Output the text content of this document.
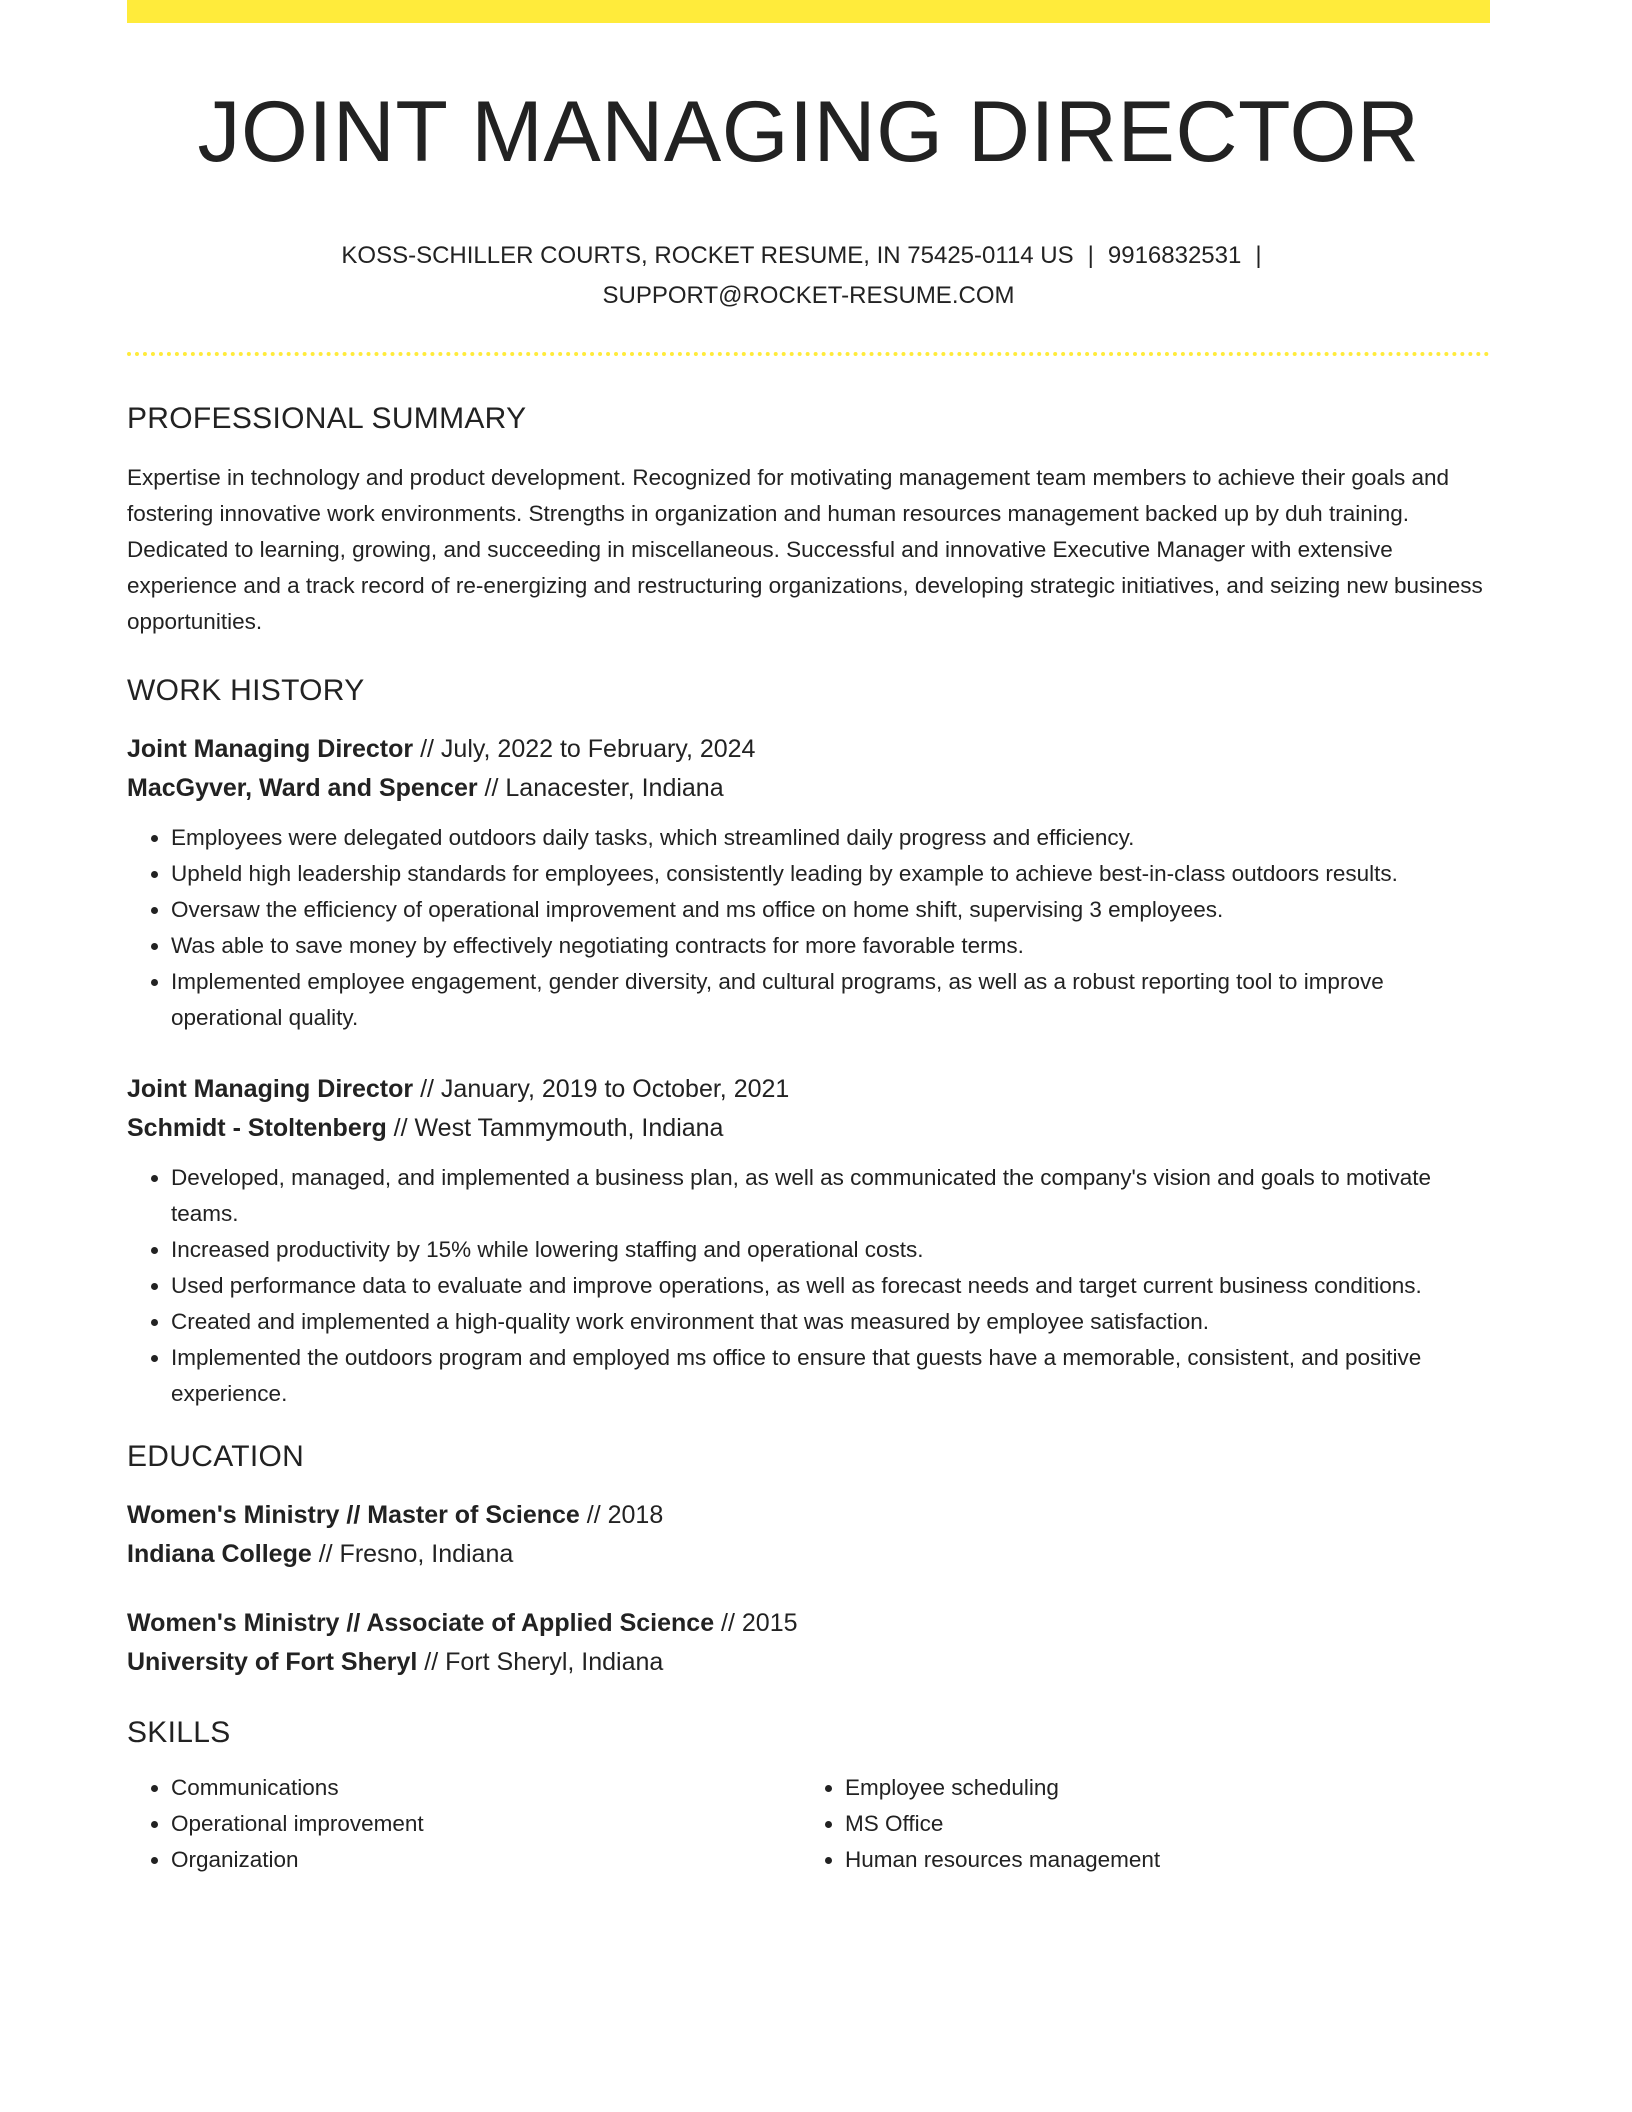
JOINT MANAGING DIRECTOR
KOSS-SCHILLER COURTS, ROCKET RESUME, IN 75425-0114 US | 9916832531 |
SUPPORT@ROCKET-RESUME.COM
PROFESSIONAL SUMMARY
Expertise in technology and product development. Recognized for motivating management team members to achieve their goals and fostering innovative work environments. Strengths in organization and human resources management backed up by duh training. Dedicated to learning, growing, and succeeding in miscellaneous. Successful and innovative Executive Manager with extensive experience and a track record of re-energizing and restructuring organizations, developing strategic initiatives, and seizing new business opportunities.
WORK HISTORY
Joint Managing Director // July, 2022 to February, 2024
MacGyver, Ward and Spencer // Lanacester, Indiana
• Employees were delegated outdoors daily tasks, which streamlined daily progress and efficiency.
• Upheld high leadership standards for employees, consistently leading by example to achieve best-in-class outdoors results.
• Oversaw the efficiency of operational improvement and ms office on home shift, supervising 3 employees.
• Was able to save money by effectively negotiating contracts for more favorable terms.
• Implemented employee engagement, gender diversity, and cultural programs, as well as a robust reporting tool to improve operational quality.
Joint Managing Director // January, 2019 to October, 2021
Schmidt - Stoltenberg // West Tammymouth, Indiana
• Developed, managed, and implemented a business plan, as well as communicated the company's vision and goals to motivate teams.
• Increased productivity by 15% while lowering staffing and operational costs.
• Used performance data to evaluate and improve operations, as well as forecast needs and target current business conditions.
• Created and implemented a high-quality work environment that was measured by employee satisfaction.
• Implemented the outdoors program and employed ms office to ensure that guests have a memorable, consistent, and positive experience.
EDUCATION
Women's Ministry // Master of Science // 2018
Indiana College // Fresno, Indiana
Women's Ministry // Associate of Applied Science // 2015
University of Fort Sheryl // Fort Sheryl, Indiana
SKILLS
• Communications
• Operational improvement
• Organization
• Employee scheduling
• MS Office
• Human resources management
